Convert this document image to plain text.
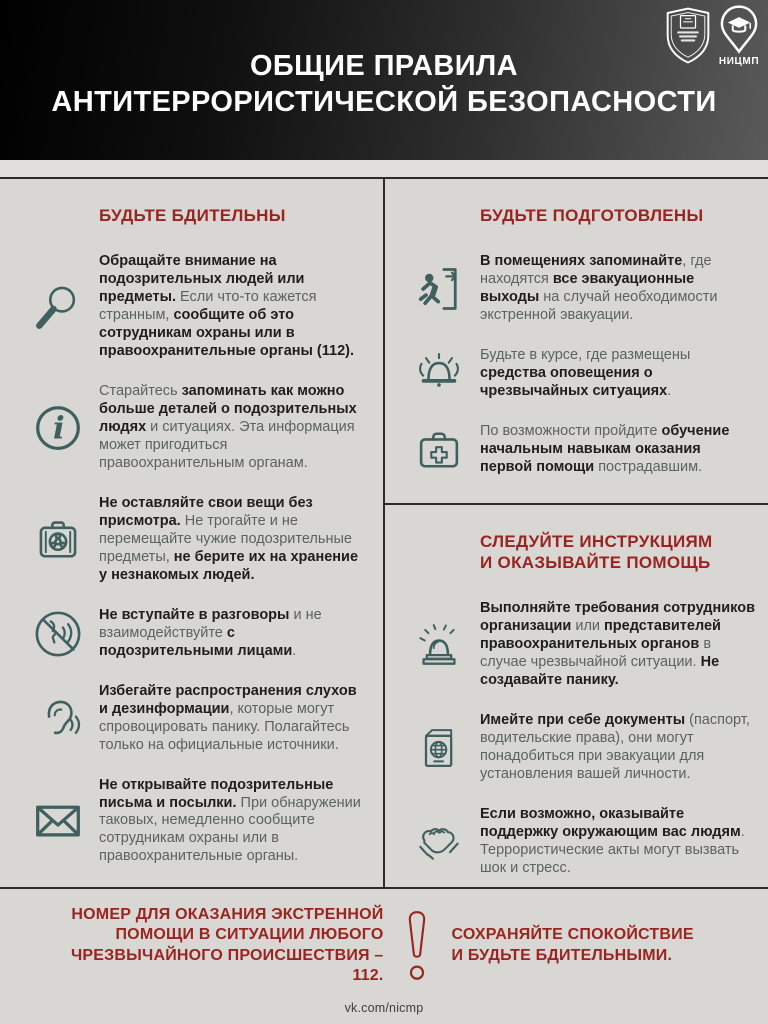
НИЦМП
ОБЩИЕ ПРАВИЛА
АНТИТЕРРОРИСТИЧЕСКОЙ БЕЗОПАСНОСТИ
БУДЬТЕ БДИТЕЛЬНЫ

Обращайте внимание на подозрительных людей или предметы. Если что-то кажется странным, сообщите об это сотрудникам охраны или в правоохранительные органы (112).

i

Старайтесь запоминать как можно больше деталей о подозрительных людях и ситуациях. Эта информация может пригодиться правоохранительным органам.

Не оставляйте свои вещи без присмотра. Не трогайте и не перемещайте чужие подозрительные предметы, не берите их на хранение у незнакомых людей.

Не вступайте в разговоры и не взаимодействуйте с подозрительными лицами.

Избегайте распространения слухов и дезинформации, которые могут спровоцировать панику. Полагайтесь только на официальные источники.

Не открывайте подозрительные письма и посылки. При обнаружении таковых, немедленно сообщите сотрудникам охраны или в правоохранительные органы.

БУДЬТЕ ПОДГОТОВЛЕНЫ

В помещениях запоминайте, где находятся все эвакуационные выходы на случай необходимости экстренной эвакуации.

Будьте в курсе, где размещены средства оповещения о чрезвычайных ситуациях.

По возможности пройдите обучение начальным навыкам оказания первой помощи пострадавшим.

СЛЕДУЙТЕ ИНСТРУКЦИЯМ
И ОКАЗЫВАЙТЕ ПОМОЩЬ

Выполняйте требования сотрудников организации или представителей правоохранительных органов в случае чрезвычайной ситуации. Не создавайте панику.

Имейте при себе документы (паспорт, водительские права), они могут понадобиться при эвакуации для установления вашей личности.

Если возможно, оказывайте поддержку окружающим вас людям. Террористические акты могут вызвать шок и стресс.

НОМЕР ДЛЯ ОКАЗАНИЯ ЭКСТРЕННОЙ ПОМОЩИ В СИТУАЦИИ ЛЮБОГО ЧРЕЗВЫЧАЙНОГО ПРОИСШЕСТВИЯ – 112.

СОХРАНЯЙТЕ СПОКОЙСТВИЕ И БУДЬТЕ БДИТЕЛЬНЫМИ.

vk.com/nicmp
